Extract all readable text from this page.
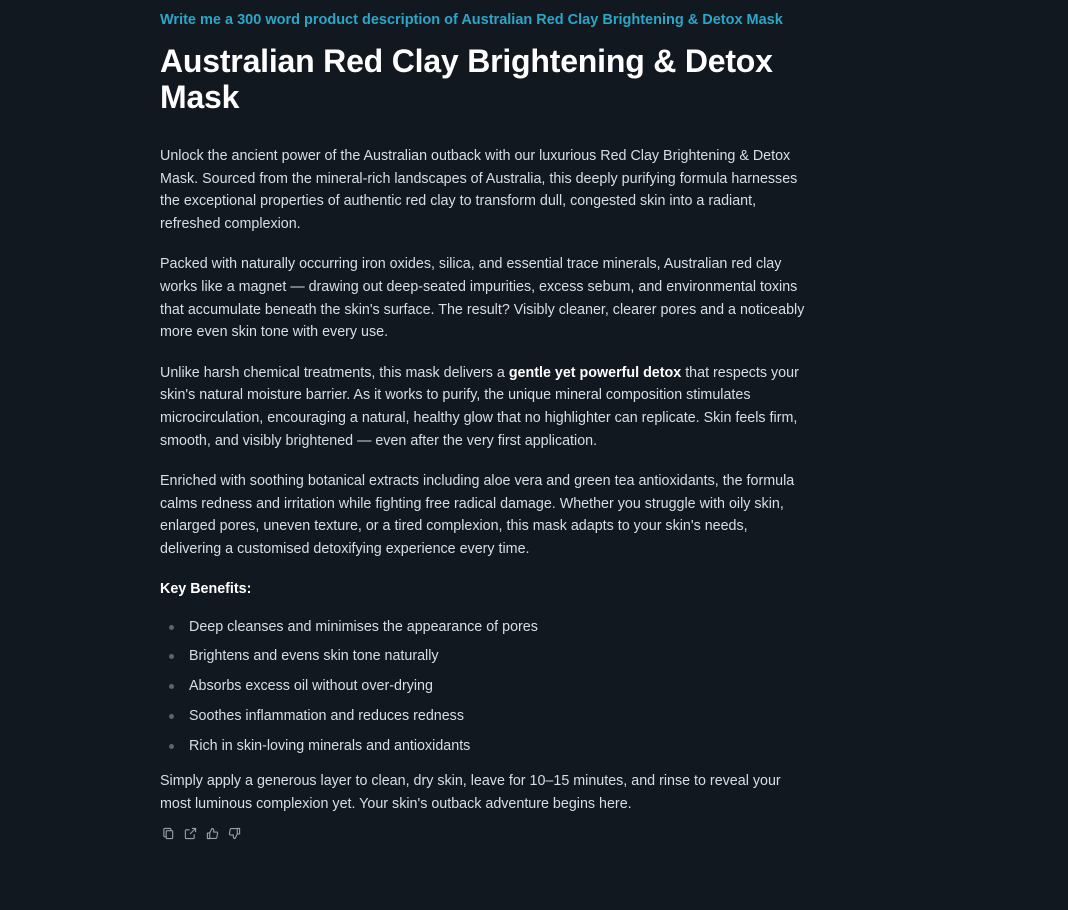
Write me a 300 word product description of Australian Red Clay Brightening & Detox Mask
Australian Red Clay Brightening & Detox Mask

Unlock the ancient power of the Australian outback with our luxurious Red Clay Brightening & Detox Mask. Sourced from the mineral-rich landscapes of Australia, this deeply purifying formula harnesses the exceptional properties of authentic red clay to transform dull, congested skin into a radiant, refreshed complexion.

Packed with naturally occurring iron oxides, silica, and essential trace minerals, Australian red clay works like a magnet — drawing out deep-seated impurities, excess sebum, and environmental toxins that accumulate beneath the skin's surface. The result? Visibly cleaner, clearer pores and a noticeably more even skin tone with every use.

Unlike harsh chemical treatments, this mask delivers a gentle yet powerful detox that respects your skin's natural moisture barrier. As it works to purify, the unique mineral composition stimulates microcirculation, encouraging a natural, healthy glow that no highlighter can replicate. Skin feels firm, smooth, and visibly brightened — even after the very first application.

Enriched with soothing botanical extracts including aloe vera and green tea antioxidants, the formula calms redness and irritation while fighting free radical damage. Whether you struggle with oily skin, enlarged pores, uneven texture, or a tired complexion, this mask adapts to your skin's needs, delivering a customised detoxifying experience every time.

Key Benefits:
Deep cleanses and minimises the appearance of pores
Brightens and evens skin tone naturally
Absorbs excess oil without over-drying
Soothes inflammation and reduces redness
Rich in skin-loving minerals and antioxidants

Simply apply a generous layer to clean, dry skin, leave for 10–15 minutes, and rinse to reveal your most luminous complexion yet. Your skin's outback adventure begins here.
